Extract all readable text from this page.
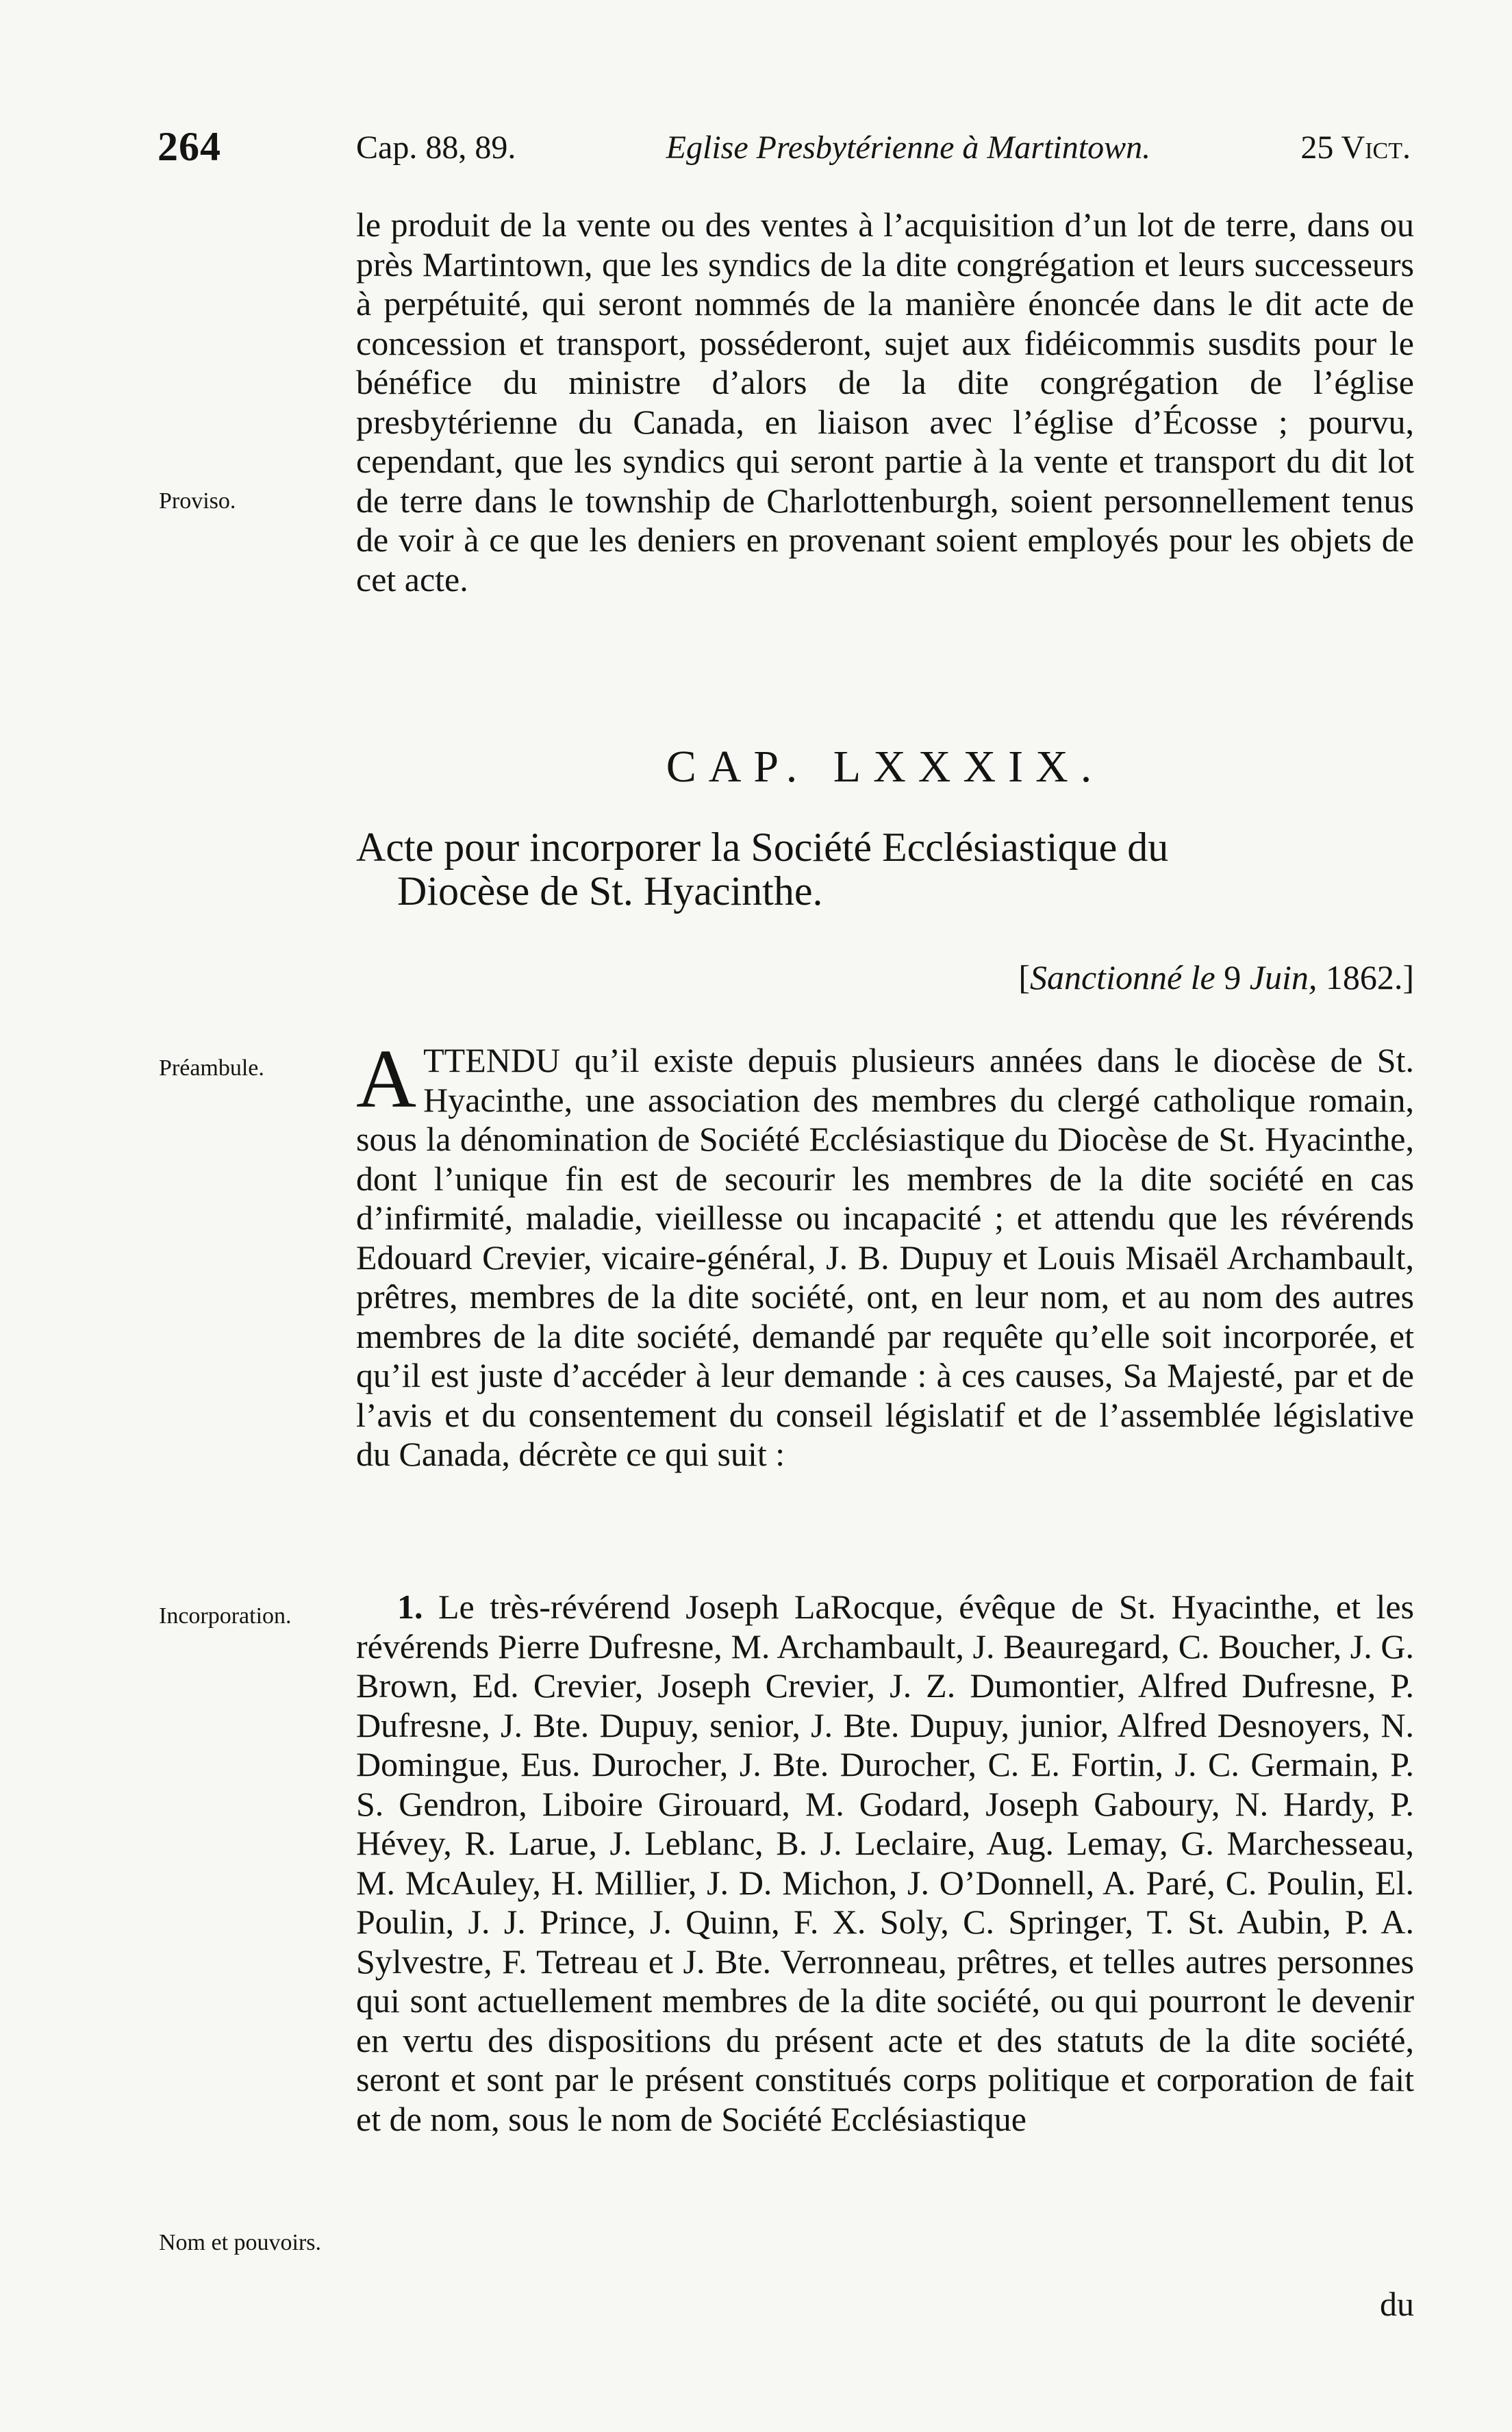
264	Cap. 88, 89.	Eglise Presbytérienne à Martintown.	25 Vict.

le produit de la vente ou des ventes à l’acquisition d’un lot de terre, dans ou près Martintown, que les syndics de la dite congrégation et leurs successeurs à perpétuité, qui seront nommés de la manière énoncée dans le dit acte de concession et transport, posséderont, sujet aux fidéicommis susdits pour le bénéfice du ministre d’alors de la dite congrégation de l’église presbytérienne du Canada, en liaison avec l’église d’Écosse ; pourvu, cependant, que les syndics qui seront partie à la vente et transport du dit lot de terre dans le township de Charlottenburgh, soient personnellement tenus de voir à ce que les deniers en provenant soient employés pour les objets de cet acte.

Proviso.
CAP. LXXXIX.
Acte pour incorporer la Société Ecclésiastique du
Diocèse de St. Hyacinthe.
[Sanctionné le 9 Juin, 1862.]
Préambule.	ATTENDU qu’il existe depuis plusieurs années dans le diocèse de St. Hyacinthe, une association des membres du clergé catholique romain, sous la dénomination de Société Ecclésiastique du Diocèse de St. Hyacinthe, dont l’unique fin est de secourir les membres de la dite société en cas d’infirmité, maladie, vieillesse ou incapacité ; et attendu que les révérends Edouard Crevier, vicaire-général, J. B. Dupuy et Louis Misaël Archambault, prêtres, membres de la dite société, ont, en leur nom, et au nom des autres membres de la dite société, demandé par requête qu’elle soit incorporée, et qu’il est juste d’accéder à leur demande : à ces causes, Sa Majesté, par et de l’avis et du consentement du conseil législatif et de l’assemblée législative du Canada, décrète ce qui suit :

Incorporation.	1. Le très-révérend Joseph LaRocque, évêque de St. Hyacinthe, et les révérends Pierre Dufresne, M. Archambault, J. Beauregard, C. Boucher, J. G. Brown, Ed. Crevier, Joseph Crevier, J. Z. Dumontier, Alfred Dufresne, P. Dufresne, J. Bte. Dupuy, senior, J. Bte. Dupuy, junior, Alfred Desnoyers, N. Domingue, Eus. Durocher, J. Bte. Durocher, C. E. Fortin, J. C. Germain, P. S. Gendron, Liboire Girouard, M. Godard, Joseph Gaboury, N. Hardy, P. Hévey, R. Larue, J. Leblanc, B. J. Leclaire, Aug. Lemay, G. Marchesseau, M. McAuley, H. Millier, J. D. Michon, J. O’Donnell, A. Paré, C. Poulin, El. Poulin, J. J. Prince, J. Quinn, F. X. Soly, C. Springer, T. St. Aubin, P. A. Sylvestre, F. Tetreau et J. Bte. Verronneau, prêtres, et telles autres personnes qui sont actuellement membres de la dite société, ou qui pourront le devenir en vertu des dispositions du présent acte et des statuts de la dite société, seront et sont par le présent constitués corps politique et corporation de fait et de nom, sous le nom de Société Ecclésiastique

Nom et pouvoirs.
du
